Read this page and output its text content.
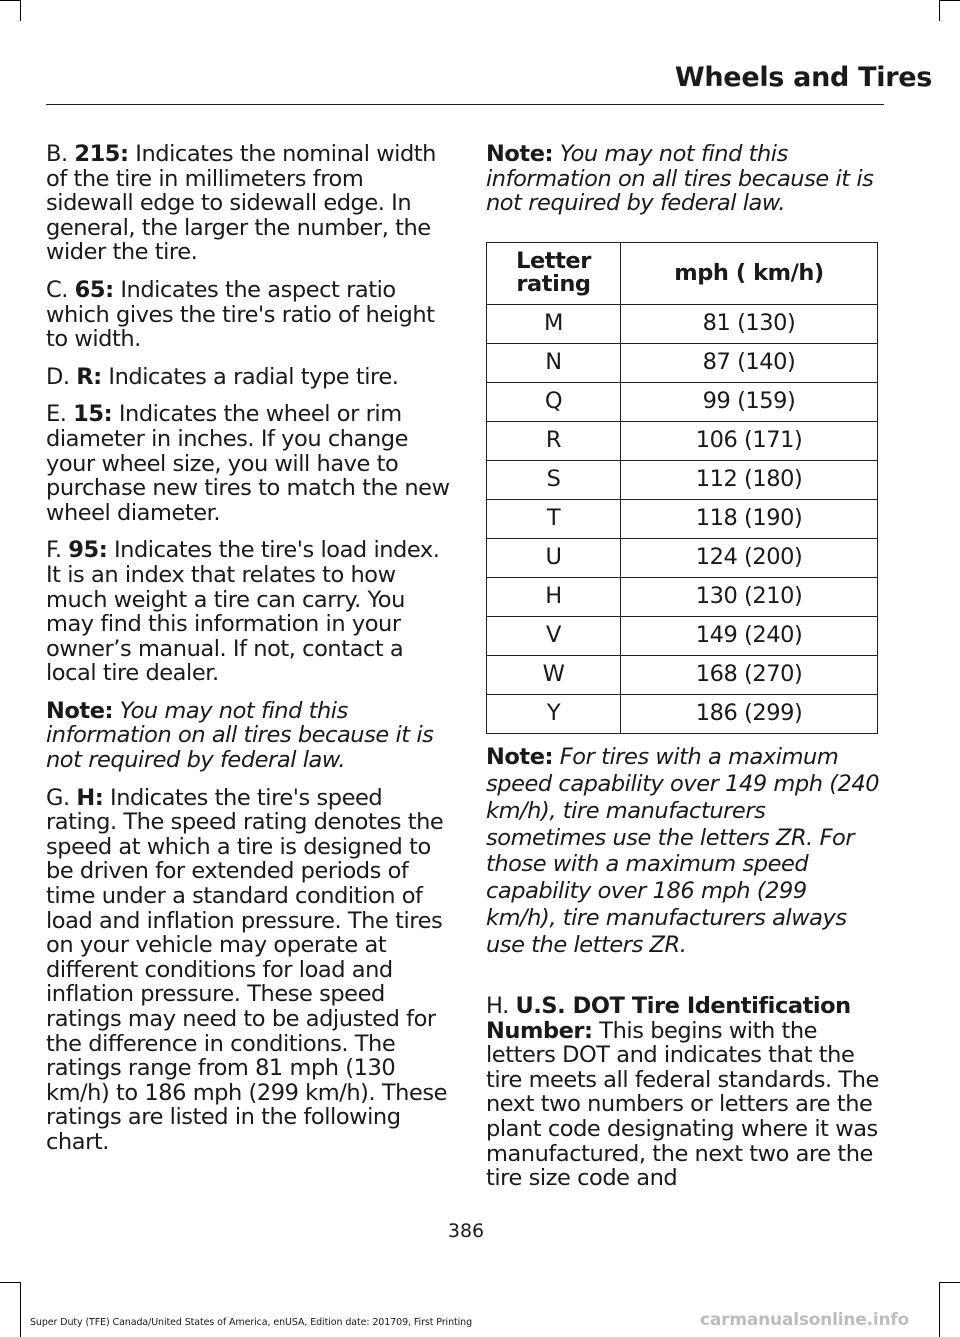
Wheels and Tires

B. 215: Indicates the nominal width of the tire in millimeters from sidewall edge to sidewall edge. In general, the larger the number, the wider the tire.

C. 65: Indicates the aspect ratio which gives the tire's ratio of height to width.

D. R: Indicates a radial type tire.

E. 15: Indicates the wheel or rim diameter in inches. If you change your wheel size, you will have to purchase new tires to match the new wheel diameter.

F. 95: Indicates the tire's load index. It is an index that relates to how much weight a tire can carry. You may find this information in your owner’s manual. If not, contact a local tire dealer.

Note: You may not find this information on all tires because it is not required by federal law.

G. H: Indicates the tire's speed rating. The speed rating denotes the speed at which a tire is designed to be driven for extended periods of time under a standard condition of load and inflation pressure. The tires on your vehicle may operate at different conditions for load and inflation pressure. These speed ratings may need to be adjusted for the difference in conditions. The ratings range from 81 mph (130 km/h) to 186 mph (299 km/h). These ratings are listed in the following chart.

Note: You may not find this information on all tires because it is not required by federal law.

Letter rating	mph ( km/h)
M	81 (130)
N	87 (140)
Q	99 (159)
R	106 (171)
S	112 (180)
T	118 (190)
U	124 (200)
H	130 (210)
V	149 (240)
W	168 (270)
Y	186 (299)

Note: For tires with a maximum speed capability over 149 mph (240 km/h), tire manufacturers sometimes use the letters ZR. For those with a maximum speed capability over 186 mph (299 km/h), tire manufacturers always use the letters ZR.

H. U.S. DOT Tire Identification Number: This begins with the letters DOT and indicates that the tire meets all federal standards. The next two numbers or letters are the plant code designating where it was manufactured, the next two are the tire size code and

386
Super Duty (TFE) Canada/United States of America, enUSA, Edition date: 201709, First Printing	carmanualsonline.info
